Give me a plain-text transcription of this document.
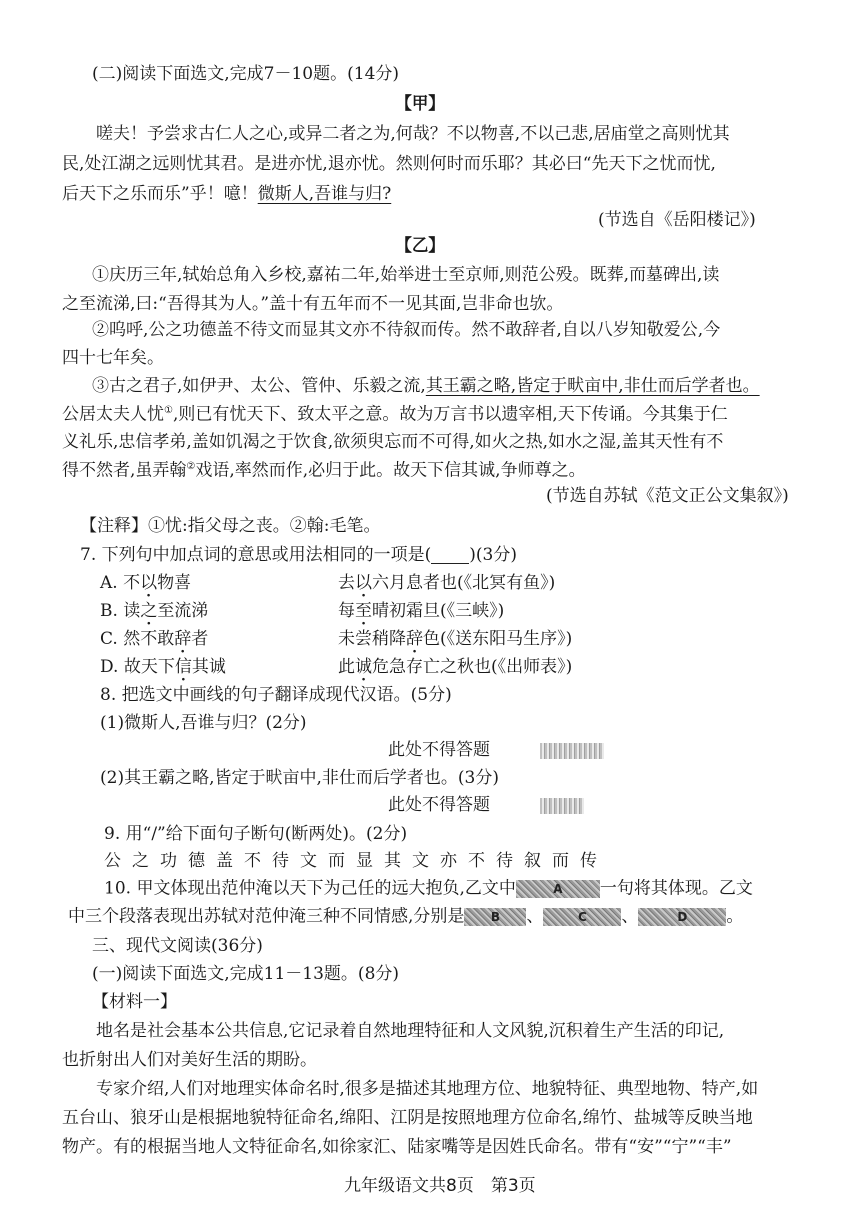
(二)阅读下面选文,完成7－10题。(14分)
【甲】
嗟夫！予尝求古仁人之心,或异二者之为,何哉？不以物喜,不以己悲,居庙堂之高则忧其
民,处江湖之远则忧其君。是进亦忧,退亦忧。然则何时而乐耶？其必曰“先天下之忧而忧,
后天下之乐而乐”乎！噫！微斯人,吾谁与归?
(节选自《岳阳楼记》)
【乙】
①庆历三年,轼始总角入乡校,嘉祐二年,始举进士至京师,则范公殁。既葬,而墓碑出,读
之至流涕,曰:“吾得其为人。”盖十有五年而不一见其面,岂非命也欤。
②呜呼,公之功德盖不待文而显其文亦不待叙而传。然不敢辞者,自以八岁知敬爱公,今
四十七年矣。
③古之君子,如伊尹、太公、管仲、乐毅之流,其王霸之略,皆定于畎亩中,非仕而后学者也。
公居太夫人忧①,则已有忧天下、致太平之意。故为万言书以遗宰相,天下传诵。今其集于仁
义礼乐,忠信孝弟,盖如饥渴之于饮食,欲须臾忘而不可得,如火之热,如水之湿,盖其天性有不
得不然者,虽弄翰②戏语,率然而作,必归于此。故天下信其诚,争师尊之。
(节选自苏轼《范文正公文集叙》)
【注释】①忧:指父母之丧。②翰:毛笔。
7. 下列句中加点词的意思或用法相同的一项是( )(3分)
A. 不以物喜	去以六月息者也(《北冥有鱼》)
B. 读之至流涕	每至晴初霜旦(《三峡》)
C. 然不敢辞者	未尝稍降辞色(《送东阳马生序》)
D. 故天下信其诚	此诚危急存亡之秋也(《出师表》)
8. 把选文中画线的句子翻译成现代汉语。(5分)
(1)微斯人,吾谁与归？(2分)
此处不得答题
(2)其王霸之略,皆定于畎亩中,非仕而后学者也。(3分)
此处不得答题
9. 用“/”给下面句子断句(断两处)。(2分)
公之功德盖不待文而显其文亦不待叙而传
10. 甲文体现出范仲淹以天下为己任的远大抱负,乙文中	A 一句将其体现。乙文
中三个段落表现出苏轼对范仲淹三种不同情感,分别是 B 、	C 、	D 。
三、现代文阅读(36分)
(一)阅读下面选文,完成11－13题。(8分)
【材料一】
地名是社会基本公共信息,它记录着自然地理特征和人文风貌,沉积着生产生活的印记,
也折射出人们对美好生活的期盼。
专家介绍,人们对地理实体命名时,很多是描述其地理方位、地貌特征、典型地物、特产,如
五台山、狼牙山是根据地貌特征命名,绵阳、江阴是按照地理方位命名,绵竹、盐城等反映当地
物产。有的根据当地人文特征命名,如徐家汇、陆家嘴等是因姓氏命名。带有“安”“宁”“丰”
九年级语文共8页　第3页
